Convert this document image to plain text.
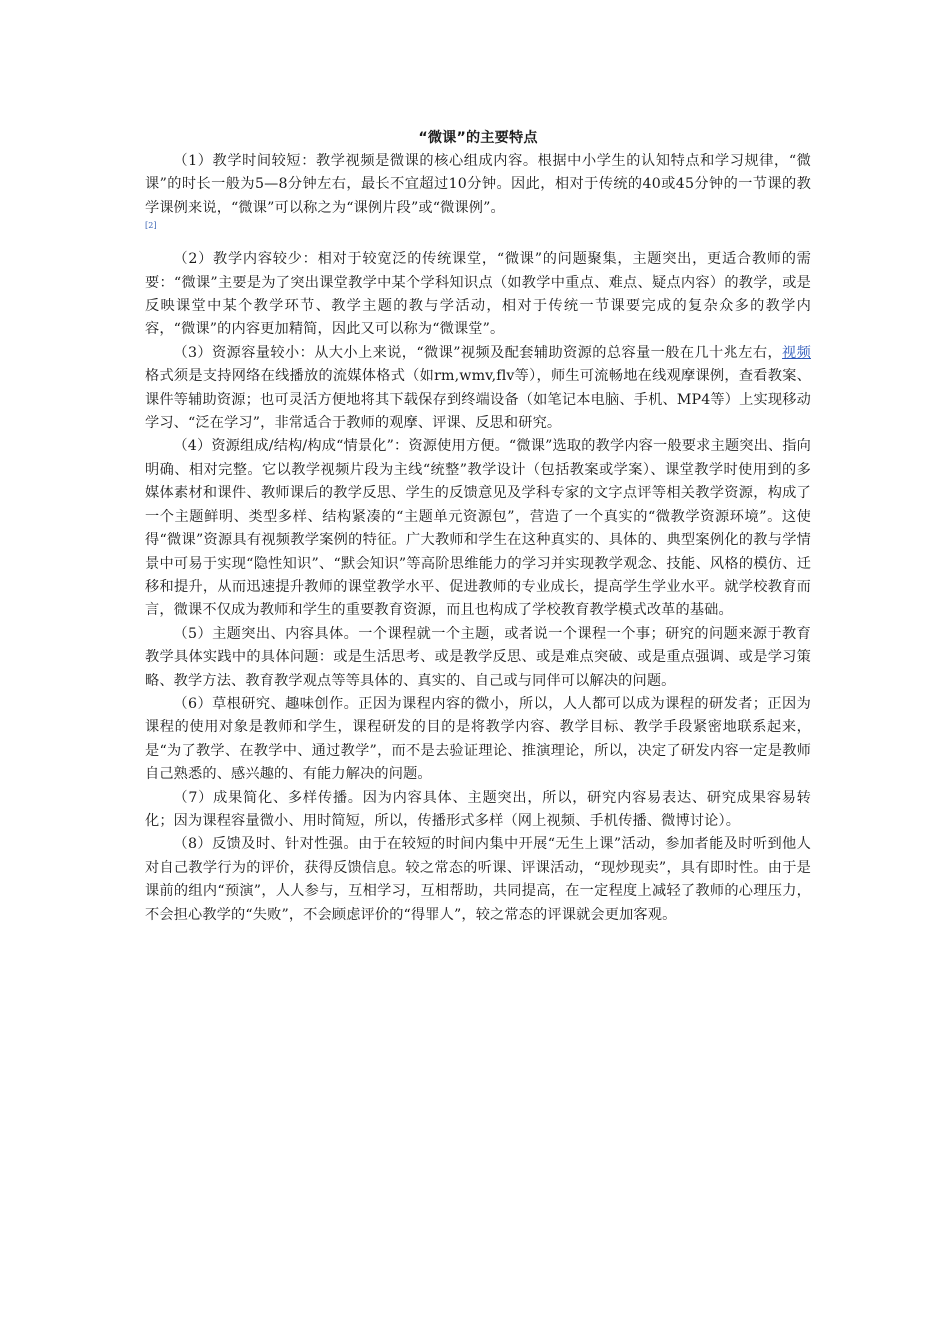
“微课”的主要特点

（1）教学时间较短：教学视频是微课的核心组成内容。根据中小学生的认知特点和学习规律，“微课”的时长一般为5—8分钟左右，最长不宜超过10分钟。因此，相对于传统的40或45分钟的一节课的教学课例来说，“微课”可以称之为“课例片段”或“微课例”。

[2]

（2）教学内容较少：相对于较宽泛的传统课堂，“微课”的问题聚集，主题突出，更适合教师的需要：“微课”主要是为了突出课堂教学中某个学科知识点（如教学中重点、难点、疑点内容）的教学，或是反映课堂中某个教学环节、教学主题的教与学活动，相对于传统一节课要完成的复杂众多的教学内容，“微课”的内容更加精简，因此又可以称为“微课堂”。

（3）资源容量较小：从大小上来说，“微课”视频及配套辅助资源的总容量一般在几十兆左右，视频格式须是支持网络在线播放的流媒体格式（如rm,wmv,flv等），师生可流畅地在线观摩课例，查看教案、课件等辅助资源；也可灵活方便地将其下载保存到终端设备（如笔记本电脑、手机、MP4等）上实现移动学习、“泛在学习”，非常适合于教师的观摩、评课、反思和研究。

（4）资源组成/结构/构成“情景化”：资源使用方便。“微课”选取的教学内容一般要求主题突出、指向明确、相对完整。它以教学视频片段为主线“统整”教学设计（包括教案或学案）、课堂教学时使用到的多媒体素材和课件、教师课后的教学反思、学生的反馈意见及学科专家的文字点评等相关教学资源，构成了一个主题鲜明、类型多样、结构紧凑的“主题单元资源包”，营造了一个真实的“微教学资源环境”。这使得“微课”资源具有视频教学案例的特征。广大教师和学生在这种真实的、具体的、典型案例化的教与学情景中可易于实现“隐性知识”、“默会知识”等高阶思维能力的学习并实现教学观念、技能、风格的模仿、迁移和提升，从而迅速提升教师的课堂教学水平、促进教师的专业成长，提高学生学业水平。就学校教育而言，微课不仅成为教师和学生的重要教育资源，而且也构成了学校教育教学模式改革的基础。

（5）主题突出、内容具体。一个课程就一个主题，或者说一个课程一个事；研究的问题来源于教育教学具体实践中的具体问题：或是生活思考、或是教学反思、或是难点突破、或是重点强调、或是学习策略、教学方法、教育教学观点等等具体的、真实的、自己或与同伴可以解决的问题。

（6）草根研究、趣味创作。正因为课程内容的微小，所以，人人都可以成为课程的研发者；正因为课程的使用对象是教师和学生，课程研发的目的是将教学内容、教学目标、教学手段紧密地联系起来，是“为了教学、在教学中、通过教学”，而不是去验证理论、推演理论，所以，决定了研发内容一定是教师自己熟悉的、感兴趣的、有能力解决的问题。

（7）成果简化、多样传播。因为内容具体、主题突出，所以，研究内容易表达、研究成果容易转化；因为课程容量微小、用时简短，所以，传播形式多样（网上视频、手机传播、微博讨论）。

（8）反馈及时、针对性强。由于在较短的时间内集中开展“无生上课”活动，参加者能及时听到他人对自己教学行为的评价，获得反馈信息。较之常态的听课、评课活动，“现炒现卖”，具有即时性。由于是课前的组内“预演”，人人参与，互相学习，互相帮助，共同提高，在一定程度上减轻了教师的心理压力，不会担心教学的“失败”，不会顾虑评价的“得罪人”，较之常态的评课就会更加客观。
